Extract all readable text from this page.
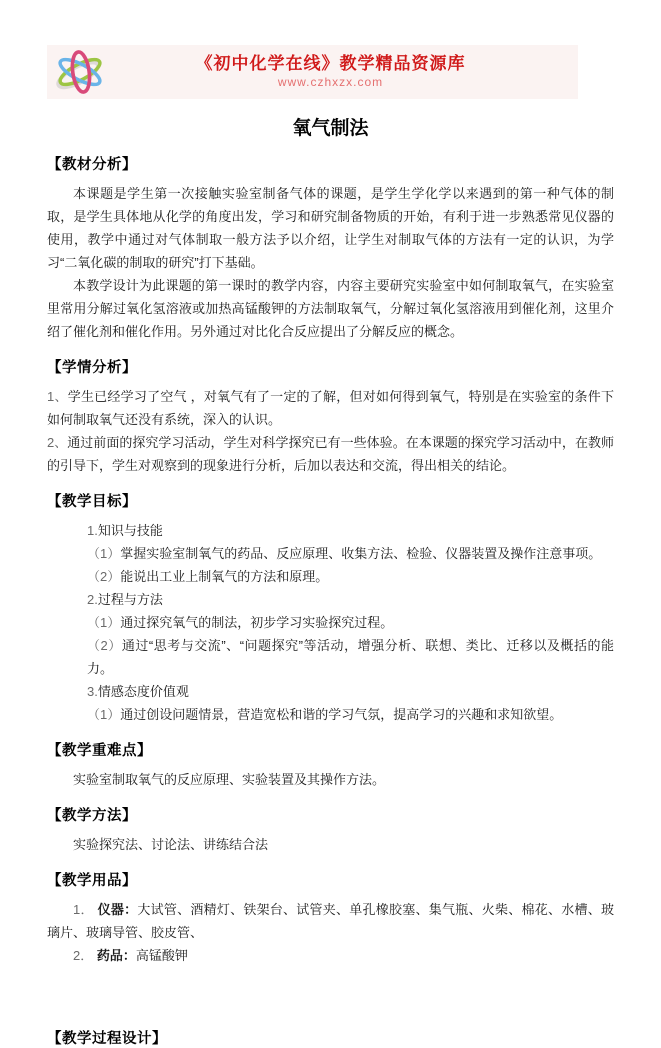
《初中化学在线》教学精品资源库
www.czhxzx.com
氧气制法
【教材分析】

本课题是学生第一次接触实验室制备气体的课题，是学生学化学以来遇到的第一种气体的制取，是学生具体地从化学的角度出发，学习和研究制备物质的开始，有利于进一步熟悉常见仪器的使用，教学中通过对气体制取一般方法予以介绍，让学生对制取气体的方法有一定的认识，为学习“二氧化碳的制取的研究”打下基础。

本教学设计为此课题的第一课时的教学内容，内容主要研究实验室中如何制取氧气，在实验室里常用分解过氧化氢溶液或加热高锰酸钾的方法制取氧气，分解过氧化氢溶液用到催化剂，这里介绍了催化剂和催化作用。另外通过对比化合反应提出了分解反应的概念。

【学情分析】

1、学生已经学习了空气 ，对氧气有了一定的了解，但对如何得到氧气，特别是在实验室的条件下如何制取氧气还没有系统，深入的认识。

2、通过前面的探究学习活动，学生对科学探究已有一些体验。在本课题的探究学习活动中，在教师的引导下，学生对观察到的现象进行分析，后加以表达和交流，得出相关的结论。

【教学目标】

1.知识与技能

（1）掌握实验室制氧气的药品、反应原理、收集方法、检验、仪器装置及操作注意事项。

（2）能说出工业上制氧气的方法和原理。

2.过程与方法

（1）通过探究氧气的制法，初步学习实验探究过程。

（2）通过“思考与交流”、“问题探究”等活动，增强分析、联想、类比、迁移以及概括的能力。

3.情感态度价值观

（1）通过创设问题情景，营造宽松和谐的学习气氛，提高学习的兴趣和求知欲望。

【教学重难点】

实验室制取氧气的反应原理、实验装置及其操作方法。

【教学方法】

实验探究法、讨论法、讲练结合法

【教学用品】

1． 仪器：大试管、酒精灯、铁架台、试管夹、单孔橡胶塞、集气瓶、火柴、棉花、水槽、玻璃片、玻璃导管、胶皮管、

2． 药品：高锰酸钾

【教学过程设计】
